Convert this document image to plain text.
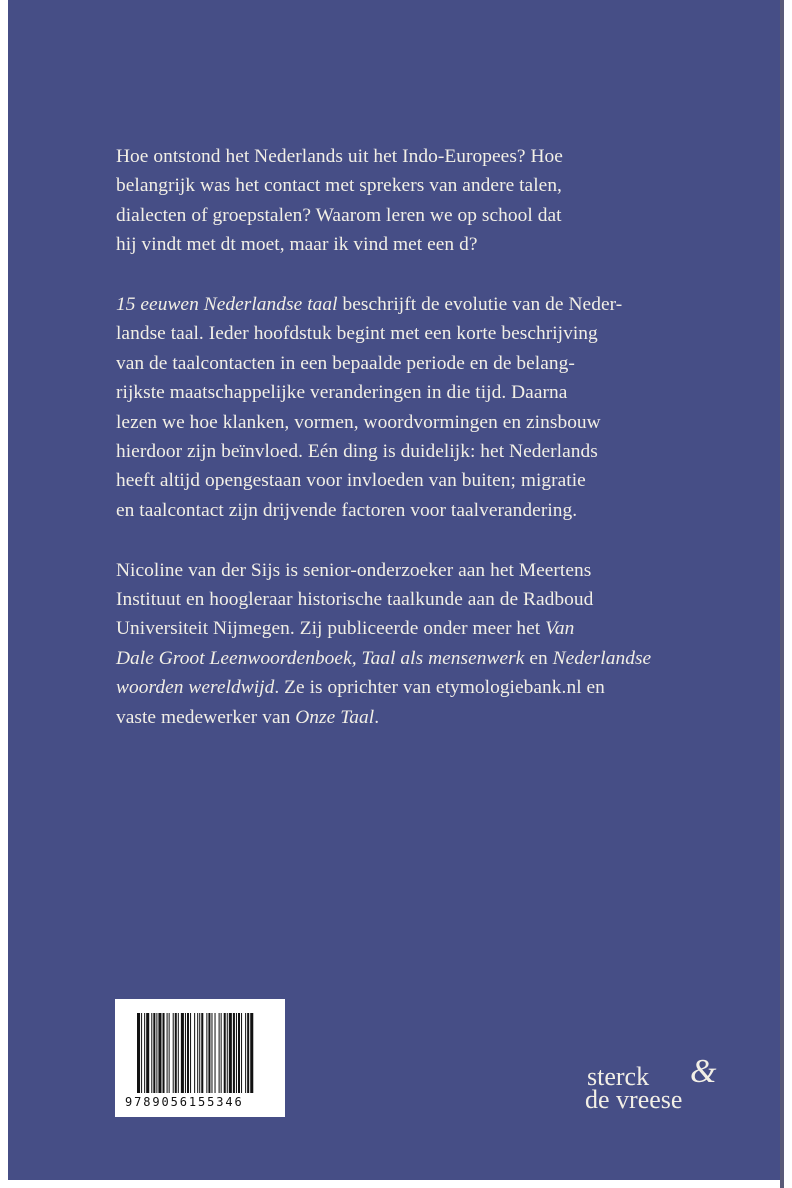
Hoe ontstond het Nederlands uit het Indo-Europees? Hoe
belangrijk was het contact met sprekers van andere talen,
dialecten of groepstalen? Waarom leren we op school dat
hij vindt met dt moet, maar ik vind met een d?
15 eeuwen Nederlandse taal beschrijft de evolutie van de Neder-
landse taal. Ieder hoofdstuk begint met een korte beschrijving
van de taalcontacten in een bepaalde periode en de belang-
rijkste maatschappelijke veranderingen in die tijd. Daarna
lezen we hoe klanken, vormen, woordvormingen en zinsbouw
hierdoor zijn beïnvloed. Eén ding is duidelijk: het Nederlands
heeft altijd opengestaan voor invloeden van buiten; migratie
en taalcontact zijn drijvende factoren voor taalverandering.
Nicoline van der Sijs is senior-onderzoeker aan het Meertens
Instituut en hoogleraar historische taalkunde aan de Radboud
Universiteit Nijmegen. Zij publiceerde onder meer het Van
Dale Groot Leenwoordenboek, Taal als mensenwerk en Nederlandse
woorden wereldwijd. Ze is oprichter van etymologiebank.nl en
vaste medewerker van Onze Taal.
9789056155346
sterck &
de vreese
